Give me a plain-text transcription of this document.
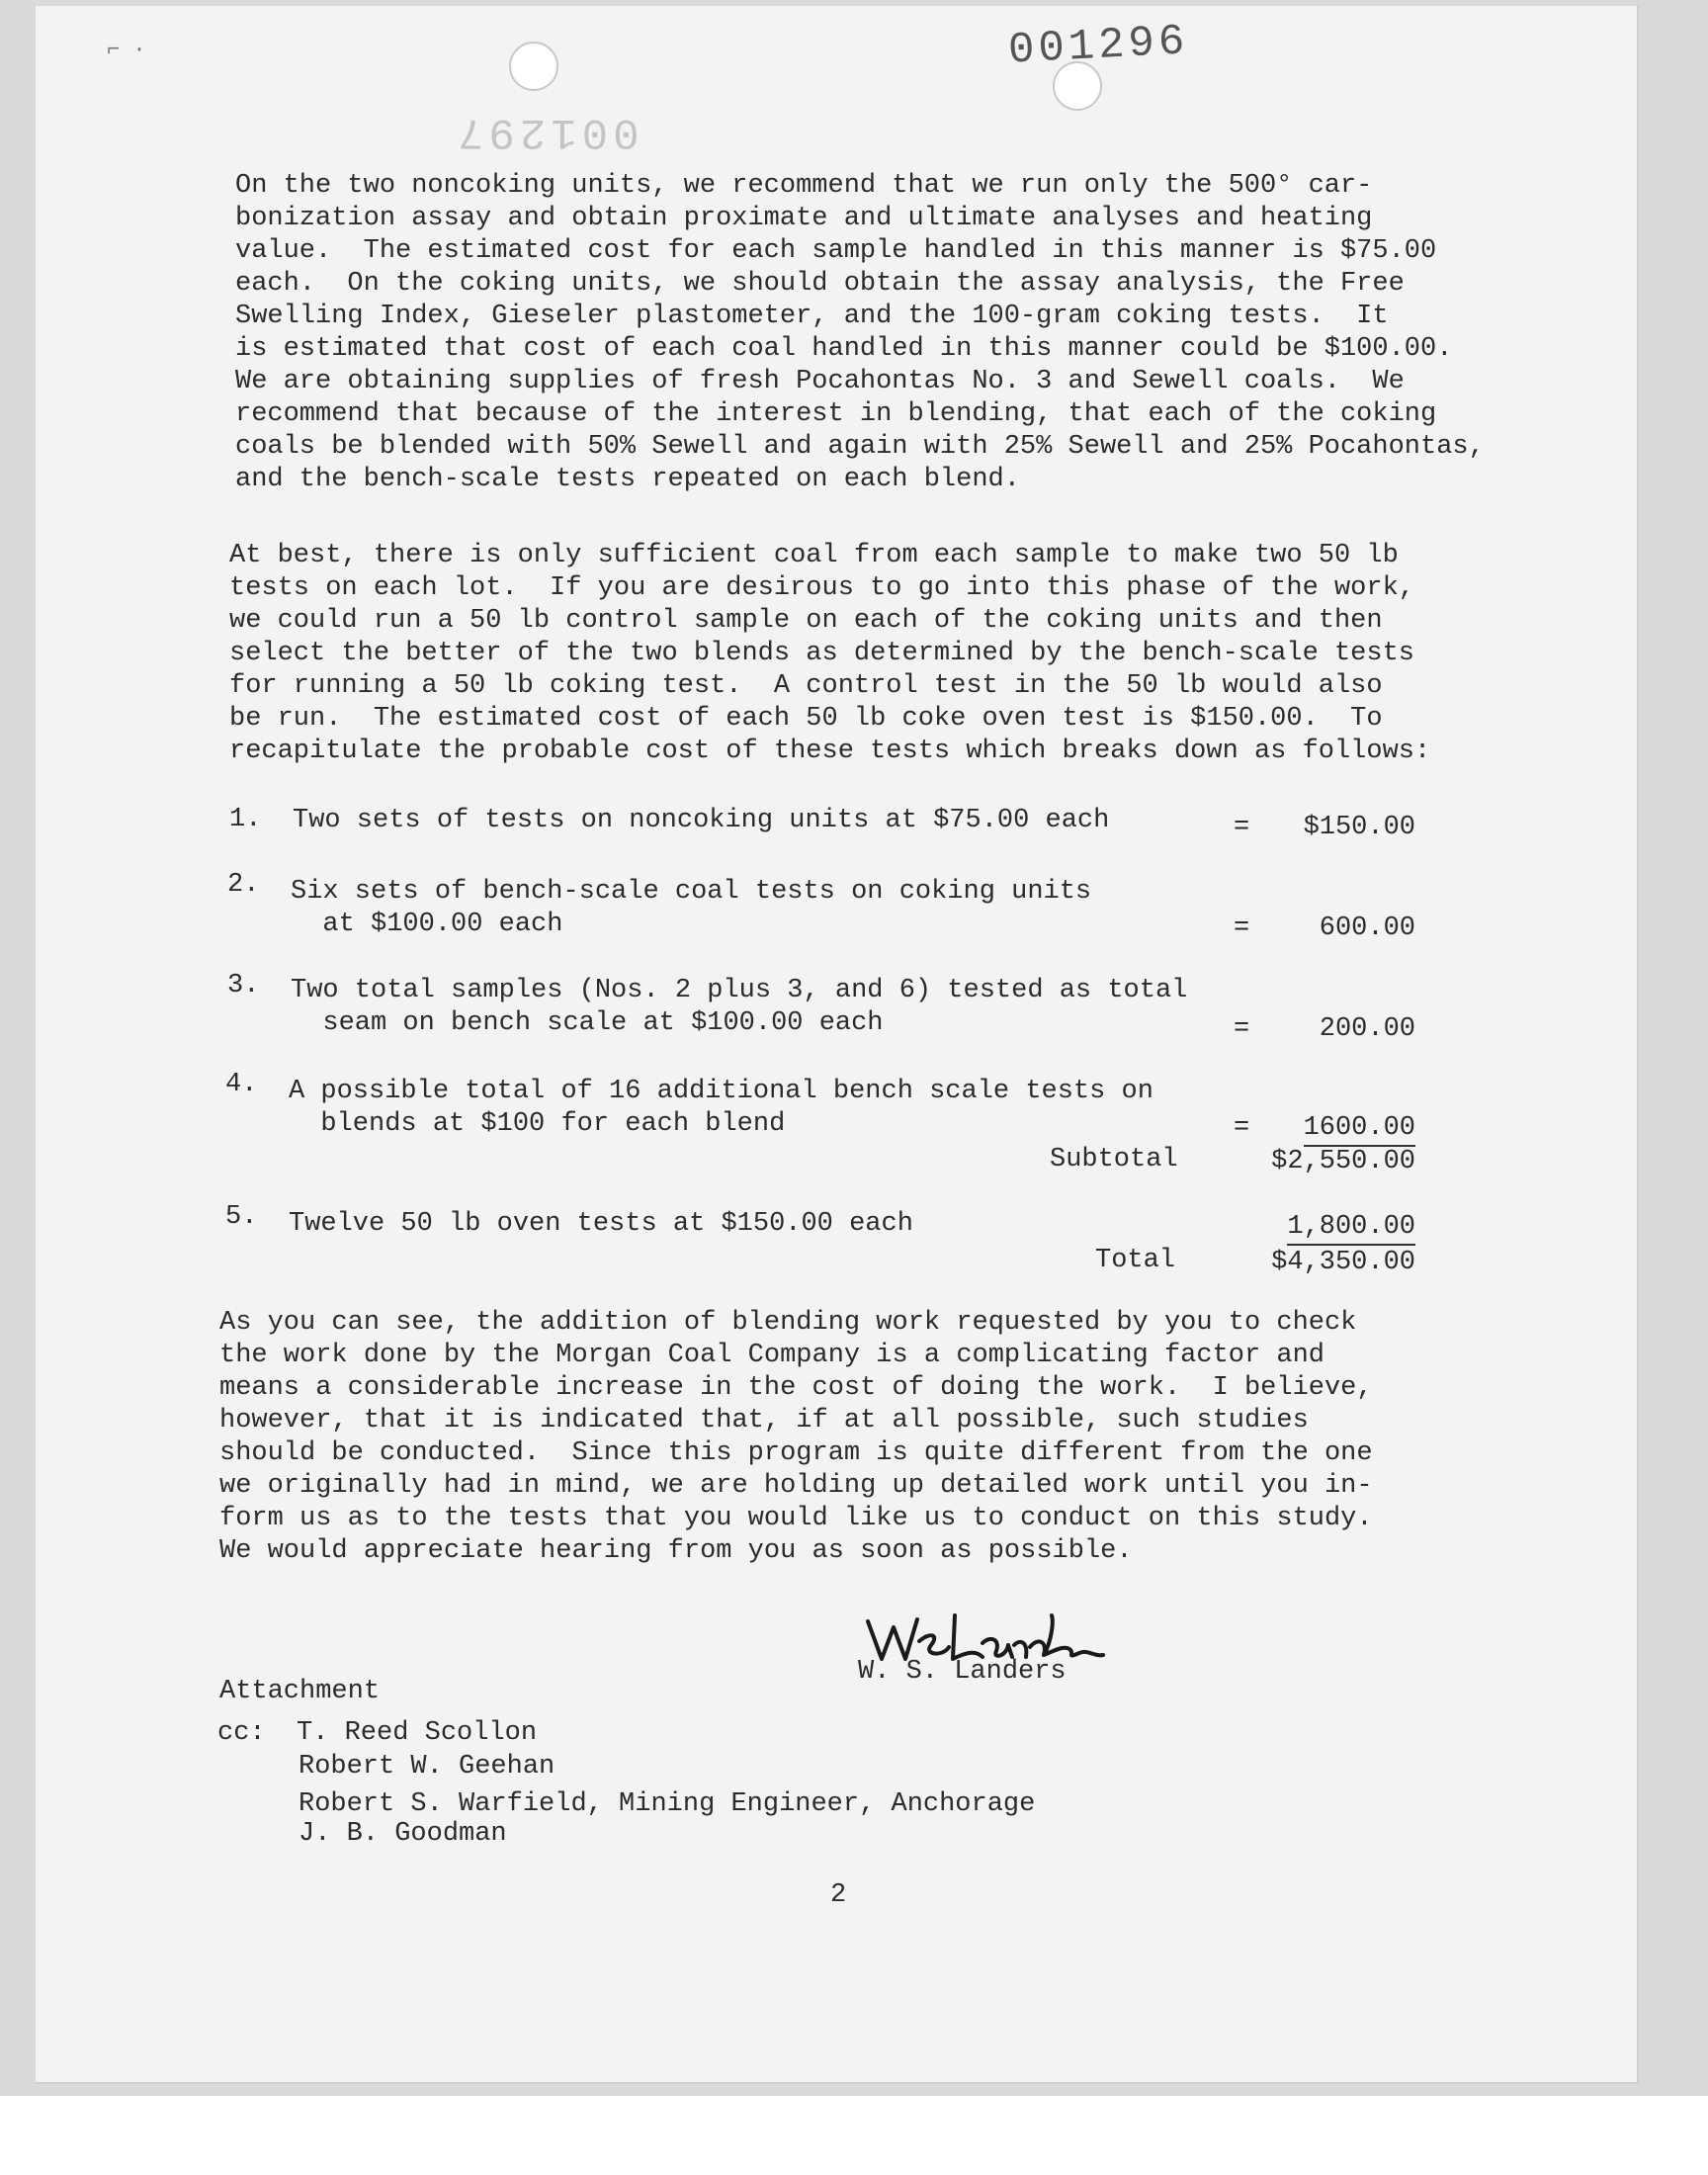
⌐ ·	001296
001297

On the two noncoking units, we recommend that we run only the 500° car-
bonization assay and obtain proximate and ultimate analyses and heating
value.  The estimated cost for each sample handled in this manner is $75.00
each.  On the coking units, we should obtain the assay analysis, the Free
Swelling Index, Gieseler plastometer, and the 100-gram coking tests.  It
is estimated that cost of each coal handled in this manner could be $100.00.
We are obtaining supplies of fresh Pocahontas No. 3 and Sewell coals.  We
recommend that because of the interest in blending, that each of the coking
coals be blended with 50% Sewell and again with 25% Sewell and 25% Pocahontas,
and the bench-scale tests repeated on each blend.

At best, there is only sufficient coal from each sample to make two 50 lb
tests on each lot.  If you are desirous to go into this phase of the work,
we could run a 50 lb control sample on each of the coking units and then
select the better of the two blends as determined by the bench-scale tests
for running a 50 lb coking test.  A control test in the 50 lb would also
be run.  The estimated cost of each 50 lb coke oven test is $150.00.  To
recapitulate the probable cost of these tests which breaks down as follows:

1. Two sets of tests on noncoking units at $75.00 each	=	$150.00
2. Six sets of bench-scale coal tests on coking units
at $100.00 each	=	600.00
3. Two total samples (Nos. 2 plus 3, and 6) tested as total
seam on bench scale at $100.00 each	=	200.00
4. A possible total of 16 additional bench scale tests on
blends at $100 for each blend	=	1600.00
Subtotal	$2,550.00
5. Twelve 50 lb oven tests at $150.00 each	1,800.00
Total	$4,350.00

As you can see, the addition of blending work requested by you to check
the work done by the Morgan Coal Company is a complicating factor and
means a considerable increase in the cost of doing the work.  I believe,
however, that it is indicated that, if at all possible, such studies
should be conducted.  Since this program is quite different from the one
we originally had in mind, we are holding up detailed work until you in-
form us as to the tests that you would like us to conduct on this study.
We would appreciate hearing from you as soon as possible.

W. S. Landers
Attachment
cc: T. Reed Scollon
Robert W. Geehan
Robert S. Warfield, Mining Engineer, Anchorage
J. B. Goodman
2
